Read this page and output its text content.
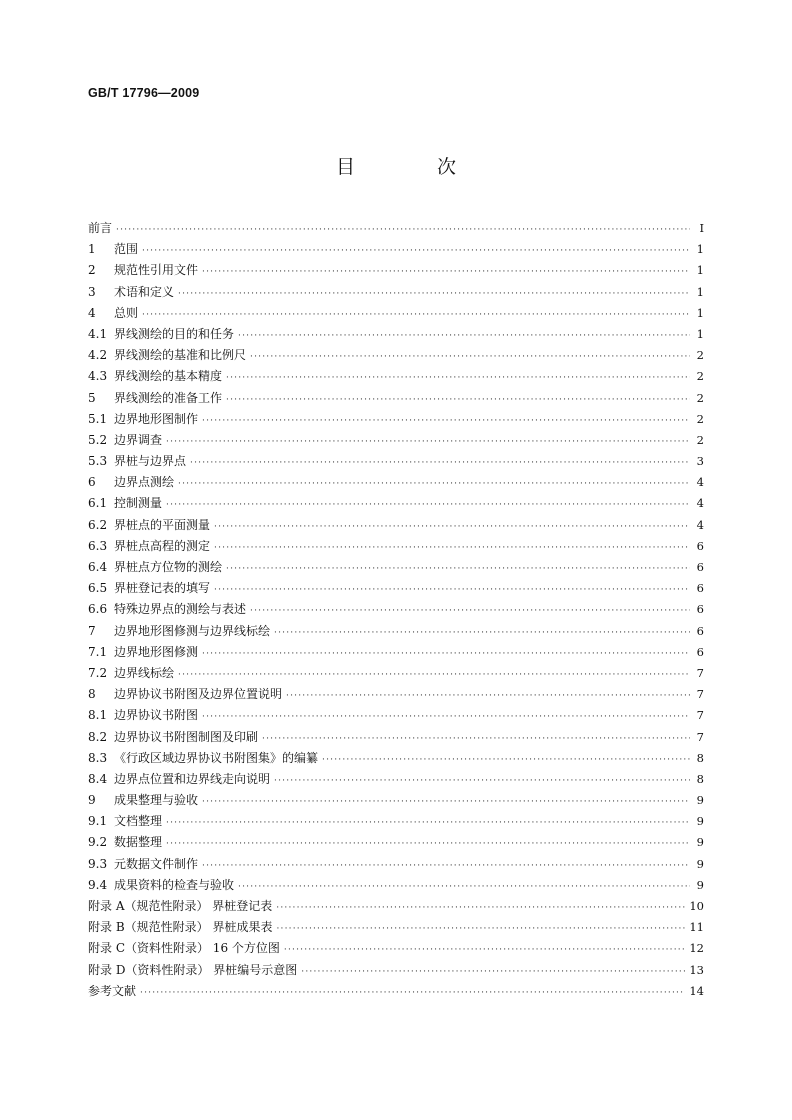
GB/T 17796—2009
目 次
前言 ·····	I
1 范围 ·····	1
2 规范性引用文件 ·····	1
3 术语和定义 ·····	1
4 总则 ·····	1
4.1 界线测绘的目的和任务 ·····	1
4.2 界线测绘的基准和比例尺 ·····	2
4.3 界线测绘的基本精度 ·····	2
5 界线测绘的准备工作 ·····	2
5.1 边界地形图制作 ·····	2
5.2 边界调查 ·····	2
5.3 界桩与边界点 ·····	3
6 边界点测绘 ·····	4
6.1 控制测量 ·····	4
6.2 界桩点的平面测量 ·····	4
6.3 界桩点高程的测定 ·····	6
6.4 界桩点方位物的测绘 ·····	6
6.5 界桩登记表的填写 ·····	6
6.6 特殊边界点的测绘与表述 ·····	6
7 边界地形图修测与边界线标绘 ·····	6
7.1 边界地形图修测 ·····	6
7.2 边界线标绘 ·····	7
8 边界协议书附图及边界位置说明 ·····	7
8.1 边界协议书附图 ·····	7
8.2 边界协议书附图制图及印刷 ·····	7
8.3 《行政区域边界协议书附图集》的编纂 ·····	8
8.4 边界点位置和边界线走向说明 ·····	8
9 成果整理与验收 ·····	9
9.1 文档整理 ·····	9
9.2 数据整理 ·····	9
9.3 元数据文件制作 ·····	9
9.4 成果资料的检查与验收 ·····	9
附录 A（规范性附录） 界桩登记表 ·····	10
附录 B（规范性附录） 界桩成果表 ·····	11
附录 C（资料性附录） 16 个方位图 ·····	12
附录 D（资料性附录） 界桩编号示意图 ·····	13
参考文献 ·····	14
